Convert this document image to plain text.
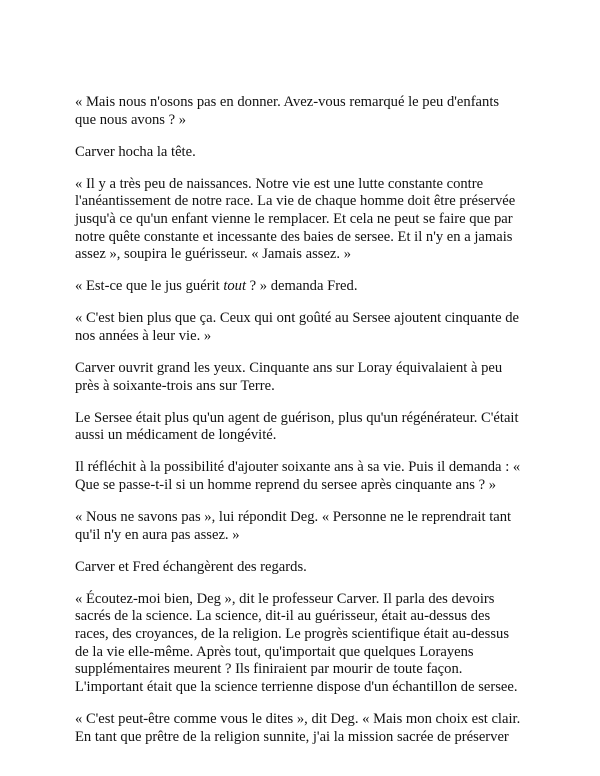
« Mais nous n'osons pas en donner. Avez-vous remarqué le peu d'enfants
que nous avons ? »

Carver hocha la tête.

« Il y a très peu de naissances. Notre vie est une lutte constante contre
l'anéantissement de notre race. La vie de chaque homme doit être préservée
jusqu'à ce qu'un enfant vienne le remplacer. Et cela ne peut se faire que par
notre quête constante et incessante des baies de sersee. Et il n'y en a jamais
assez », soupira le guérisseur. « Jamais assez. »

« Est-ce que le jus guérit tout ? » demanda Fred.

« C'est bien plus que ça. Ceux qui ont goûté au Sersee ajoutent cinquante de
nos années à leur vie. »

Carver ouvrit grand les yeux. Cinquante ans sur Loray équivalaient à peu
près à soixante-trois ans sur Terre.

Le Sersee était plus qu'un agent de guérison, plus qu'un régénérateur. C'était
aussi un médicament de longévité.

Il réfléchit à la possibilité d'ajouter soixante ans à sa vie. Puis il demanda : «
Que se passe-t-il si un homme reprend du sersee après cinquante ans ? »

« Nous ne savons pas », lui répondit Deg. « Personne ne le reprendrait tant
qu'il n'y en aura pas assez. »

Carver et Fred échangèrent des regards.

« Écoutez-moi bien, Deg », dit le professeur Carver. Il parla des devoirs
sacrés de la science. La science, dit-il au guérisseur, était au-dessus des
races, des croyances, de la religion. Le progrès scientifique était au-dessus
de la vie elle-même. Après tout, qu'importait que quelques Lorayens
supplémentaires meurent ? Ils finiraient par mourir de toute façon.
L'important était que la science terrienne dispose d'un échantillon de sersee.

« C'est peut-être comme vous le dites », dit Deg. « Mais mon choix est clair.
En tant que prêtre de la religion sunnite, j'ai la mission sacrée de préserver
